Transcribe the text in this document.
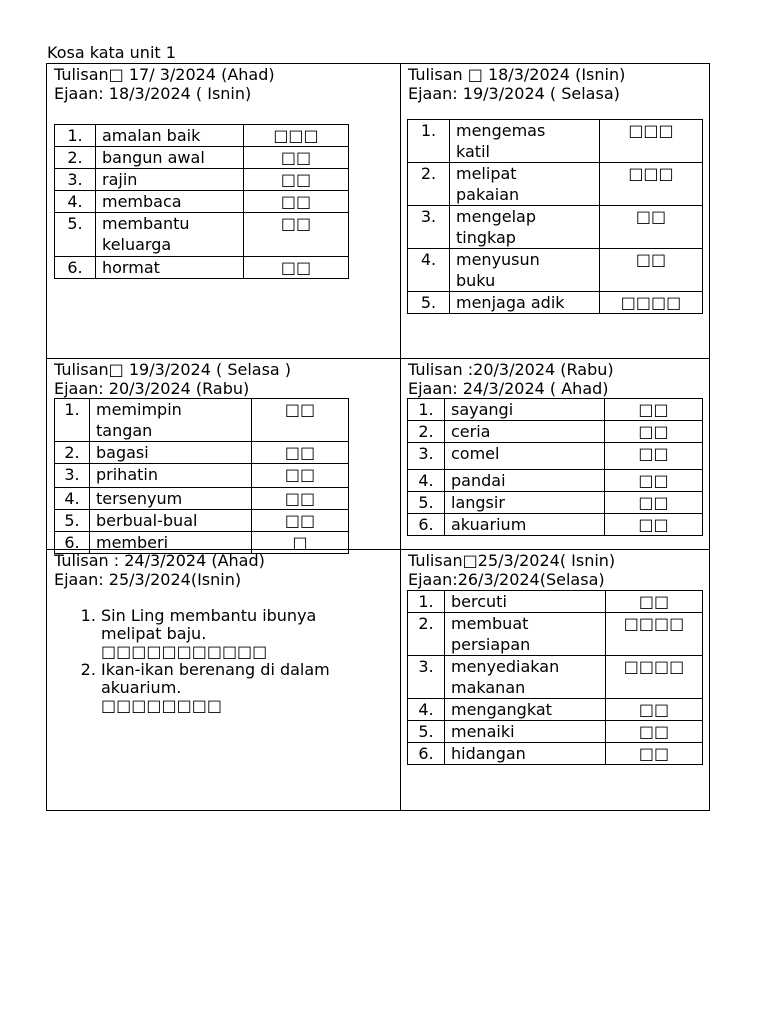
Kosa kata unit 1
Tulisan□ 17/ 3/2024 (Ahad)
Ejaan: 18/3/2024 ( Isnin)
1.	amalan baik	□□□
2.	bangun awal	□□
3.	rajin	□□
4.	membaca	□□
5.	membantu
keluarga
	□□
6.	hormat	□□

Tulisan □ 18/3/2024 (Isnin)
Ejaan: 19/3/2024 ( Selasa)
1.	mengemas
katil
	□□□
2.	melipat
pakaian
	□□□
3.	mengelap
tingkap
	□□
4.	menyusun
buku
	□□
5.	menjaga adik	□□□□

Tulisan□ 19/3/2024 ( Selasa )
Ejaan: 20/3/2024 (Rabu)
1.	memimpin
tangan
	□□
2.	bagasi	□□
3.	prihatin	□□
4.	tersenyum	□□
5.	berbual-bual	□□
6.	memberi	□

Tulisan :20/3/2024 (Rabu)
Ejaan: 24/3/2024 ( Ahad)
1.	sayangi	□□
2.	ceria	□□
3.	comel	□□
4.	pandai	□□
5.	langsir	□□
6.	akuarium	□□

Tulisan : 24/3/2024 (Ahad)
Ejaan: 25/3/2024(Isnin)
1. Sin Ling membantu ibunya
melipat baju.
□□□□□□□□□□□
2. Ikan-ikan berenang di dalam
akuarium.
□□□□□□□□

Tulisan□25/3/2024( Isnin)
Ejaan:26/3/2024(Selasa)
1.	bercuti	□□
2.	membuat
persiapan
	□□□□
3.	menyediakan
makanan
	□□□□
4.	mengangkat	□□
5.	menaiki	□□
6.	hidangan	□□
